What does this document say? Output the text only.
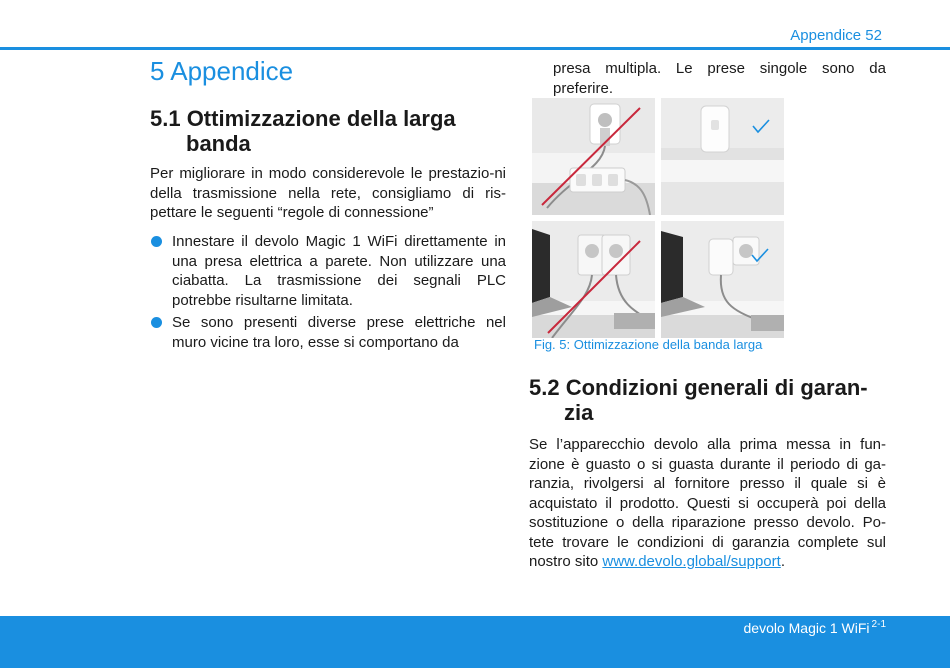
Appendice 52
5 Appendice
5.1 Ottimizzazione della larga
banda

Per migliorare in modo considerevole le prestazio-ni della trasmissione nella rete, consigliamo di ris-pettare le seguenti “regole di connessione”

Innestare il devolo Magic 1 WiFi direttamente in una presa elettrica a parete. Non utilizzare una ciabatta. La trasmissione dei segnali PLC potrebbe risultarne limitata.
Se sono presenti diverse prese elettriche nel muro vicine tra loro, esse si comportano da

presa multipla. Le prese singole sono da preferire.

Fig. 5: Ottimizzazione della banda larga
5.2 Condizioni generali di garan-
zia

Se l’apparecchio devolo alla prima messa in fun-zione è guasto o si guasta durante il periodo di ga-ranzia, rivolgersi al fornitore presso il quale si è acquistato il prodotto. Questi si occuperà poi della sostituzione o della riparazione presso devolo. Po-tete trovare le condizioni di garanzia complete sul nostro sito www.devolo.global/support.

devolo Magic 1 WiFi $^{2-1}$
